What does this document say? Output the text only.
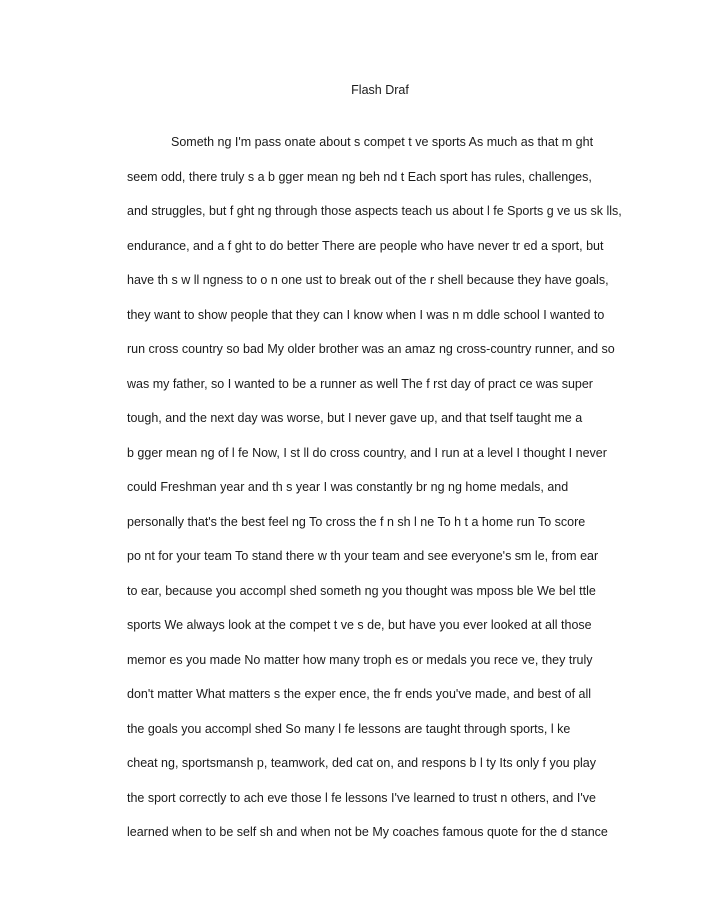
Flash Draf
Someth ng I'm pass onate about s compet t ve sports As much as that m ght
seem odd, there truly s a b gger mean ng beh nd t Each sport has rules, challenges,
and struggles, but f ght ng through those aspects teach us about l fe Sports g ve us sk lls,
endurance, and a f ght to do better There are people who have never tr ed a sport, but
have th s w ll ngness to o n one ust to break out of the r shell because they have goals,
they want to show people that they can I know when I was n m ddle school I wanted to
run cross country so bad My older brother was an amaz ng cross-country runner, and so
was my father, so I wanted to be a runner as well The f rst day of pract ce was super
tough, and the next day was worse, but I never gave up, and that tself taught me a
b gger mean ng of l fe Now, I st ll do cross country, and I run at a level I thought I never
could Freshman year and th s year I was constantly br ng ng home medals, and
personally that's the best feel ng To cross the f n sh l ne To h t a home run To score
po nt for your team To stand there w th your team and see everyone's sm le, from ear
to ear, because you accompl shed someth ng you thought was mposs ble We bel ttle
sports We always look at the compet t ve s de, but have you ever looked at all those
memor es you made No matter how many troph es or medals you rece ve, they truly
don't matter What matters s the exper ence, the fr ends you've made, and best of all
the goals you accompl shed So many l fe lessons are taught through sports, l ke
cheat ng, sportsmansh p, teamwork, ded cat on, and respons b l ty Its only f you play
the sport correctly to ach eve those l fe lessons I've learned to trust n others, and I've
learned when to be self sh and when not be My coaches famous quote for the d stance
